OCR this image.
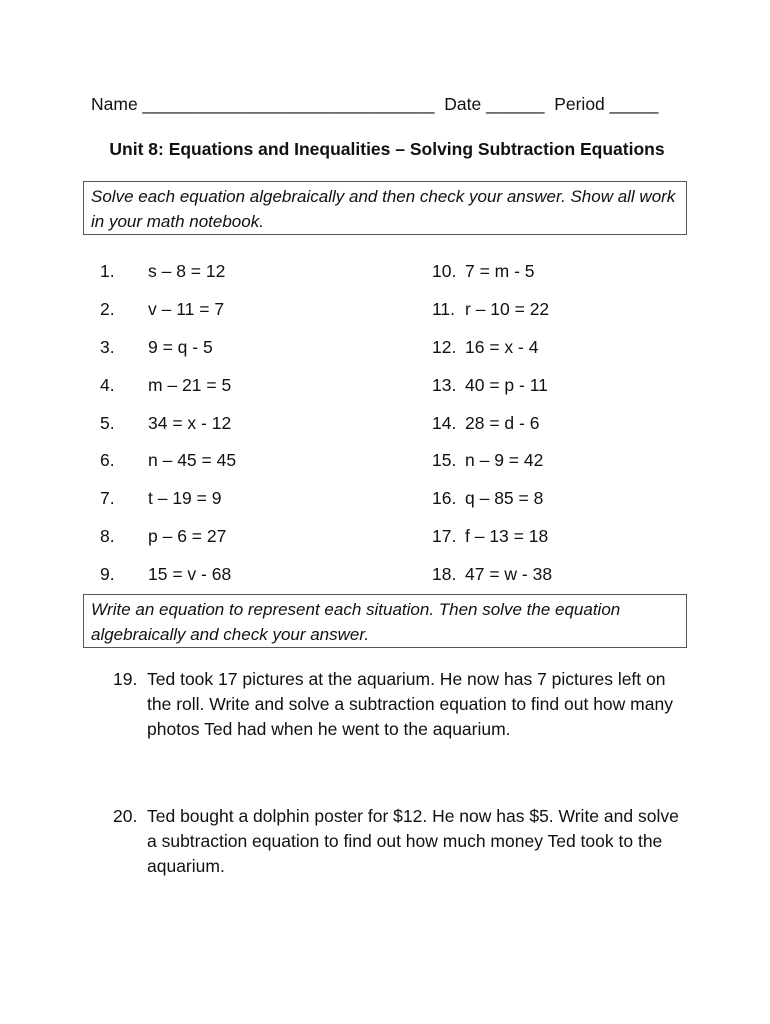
Name ______________________________  Date ______  Period _____
Unit 8: Equations and Inequalities – Solving Subtraction Equations
Solve each equation algebraically and then check your answer. Show all work in your math notebook.
1.	s – 8 = 12
2.	v – 11 = 7
3.	9 = q - 5
4.	m – 21 = 5
5.	34 = x - 12
6.	n – 45 = 45
7.	t – 19 = 9
8.	p – 6 = 27
9.	15 = v - 68
10. 7 = m - 5
11. r – 10 = 22
12. 16 = x - 4
13. 40 = p - 11
14. 28 = d - 6
15. n – 9 = 42
16. q – 85 = 8
17. f – 13 = 18
18. 47 = w - 38
Write an equation to represent each situation. Then solve the equation algebraically and check your answer.
19. Ted took 17 pictures at the aquarium. He now has 7 pictures left on the roll. Write and solve a subtraction equation to find out how many photos Ted had when he went to the aquarium.
20. Ted bought a dolphin poster for $12. He now has $5. Write and solve a subtraction equation to find out how much money Ted took to the aquarium.
